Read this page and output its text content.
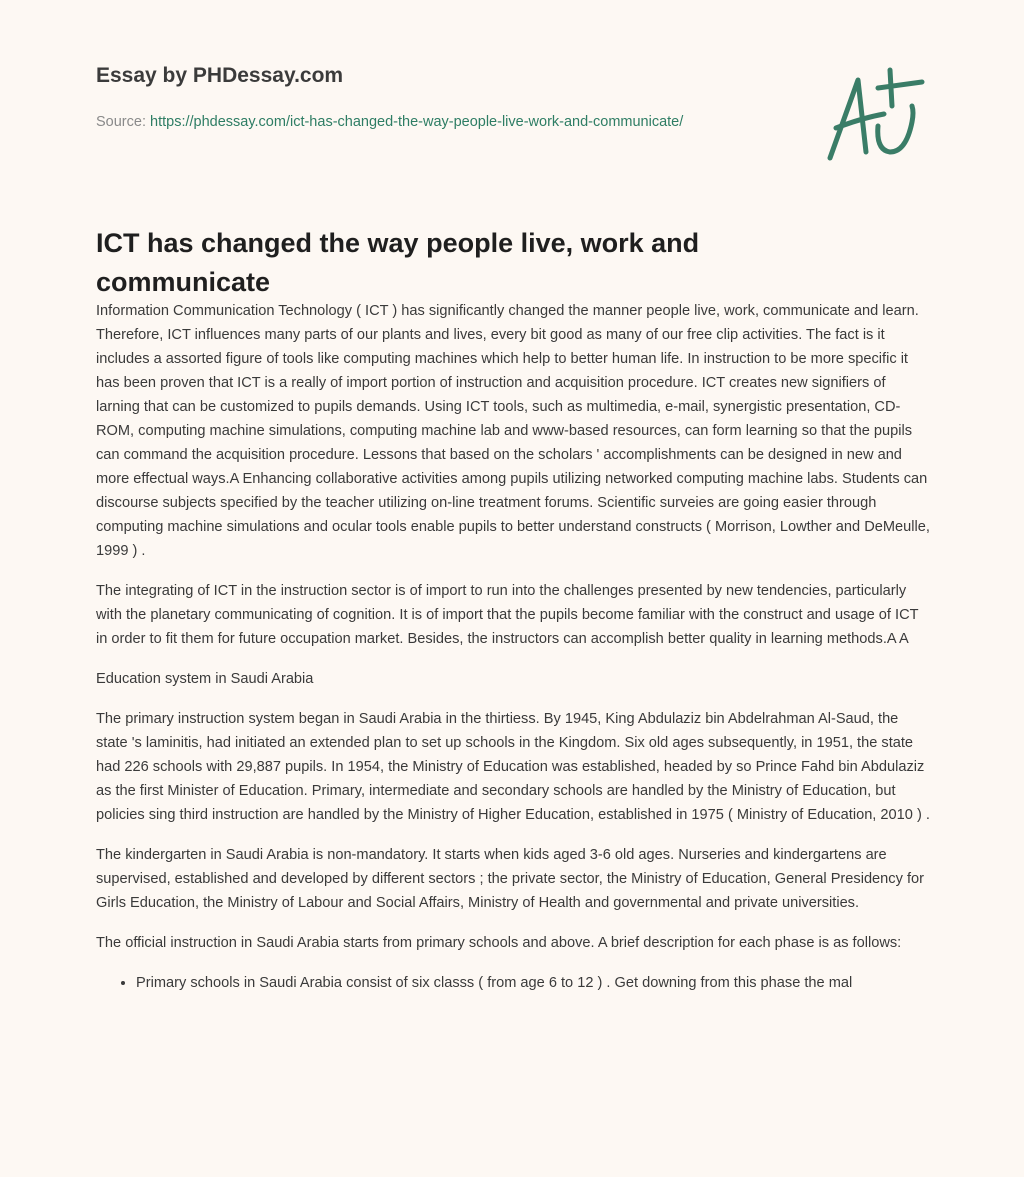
Essay by PHDessay.com
Source: https://phdessay.com/ict-has-changed-the-way-people-live-work-and-communicate/
ICT has changed the way people live, work and communicate

Information Communication Technology ( ICT ) has significantly changed the manner people live, work, communicate and learn. Therefore, ICT influences many parts of our plants and lives, every bit good as many of our free clip activities. The fact is it includes a assorted figure of tools like computing machines which help to better human life. In instruction to be more specific it has been proven that ICT is a really of import portion of instruction and acquisition procedure. ICT creates new signifiers of larning that can be customized to pupils demands. Using ICT tools, such as multimedia, e-mail, synergistic presentation, CD-ROM, computing machine simulations, computing machine lab and www-based resources, can form learning so that the pupils can command the acquisition procedure. Lessons that based on the scholars ' accomplishments can be designed in new and more effectual ways.A Enhancing collaborative activities among pupils utilizing networked computing machine labs. Students can discourse subjects specified by the teacher utilizing on-line treatment forums. Scientific surveies are going easier through computing machine simulations and ocular tools enable pupils to better understand constructs ( Morrison, Lowther and DeMeulle, 1999 ) .

The integrating of ICT in the instruction sector is of import to run into the challenges presented by new tendencies, particularly with the planetary communicating of cognition. It is of import that the pupils become familiar with the construct and usage of ICT in order to fit them for future occupation market. Besides, the instructors can accomplish better quality in learning methods.A A

Education system in Saudi Arabia

The primary instruction system began in Saudi Arabia in the thirtiess. By 1945, King Abdulaziz bin Abdelrahman Al-Saud, the state 's laminitis, had initiated an extended plan to set up schools in the Kingdom. Six old ages subsequently, in 1951, the state had 226 schools with 29,887 pupils. In 1954, the Ministry of Education was established, headed by so Prince Fahd bin Abdulaziz as the first Minister of Education. Primary, intermediate and secondary schools are handled by the Ministry of Education, but policies sing third instruction are handled by the Ministry of Higher Education, established in 1975 ( Ministry of Education, 2010 ) .

The kindergarten in Saudi Arabia is non-mandatory. It starts when kids aged 3-6 old ages. Nurseries and kindergartens are supervised, established and developed by different sectors ; the private sector, the Ministry of Education, General Presidency for Girls Education, the Ministry of Labour and Social Affairs, Ministry of Health and governmental and private universities.

The official instruction in Saudi Arabia starts from primary schools and above. A brief description for each phase is as follows:

• Primary schools in Saudi Arabia consist of six classs ( from age 6 to 12 ) . Get downing from this phase the mal
